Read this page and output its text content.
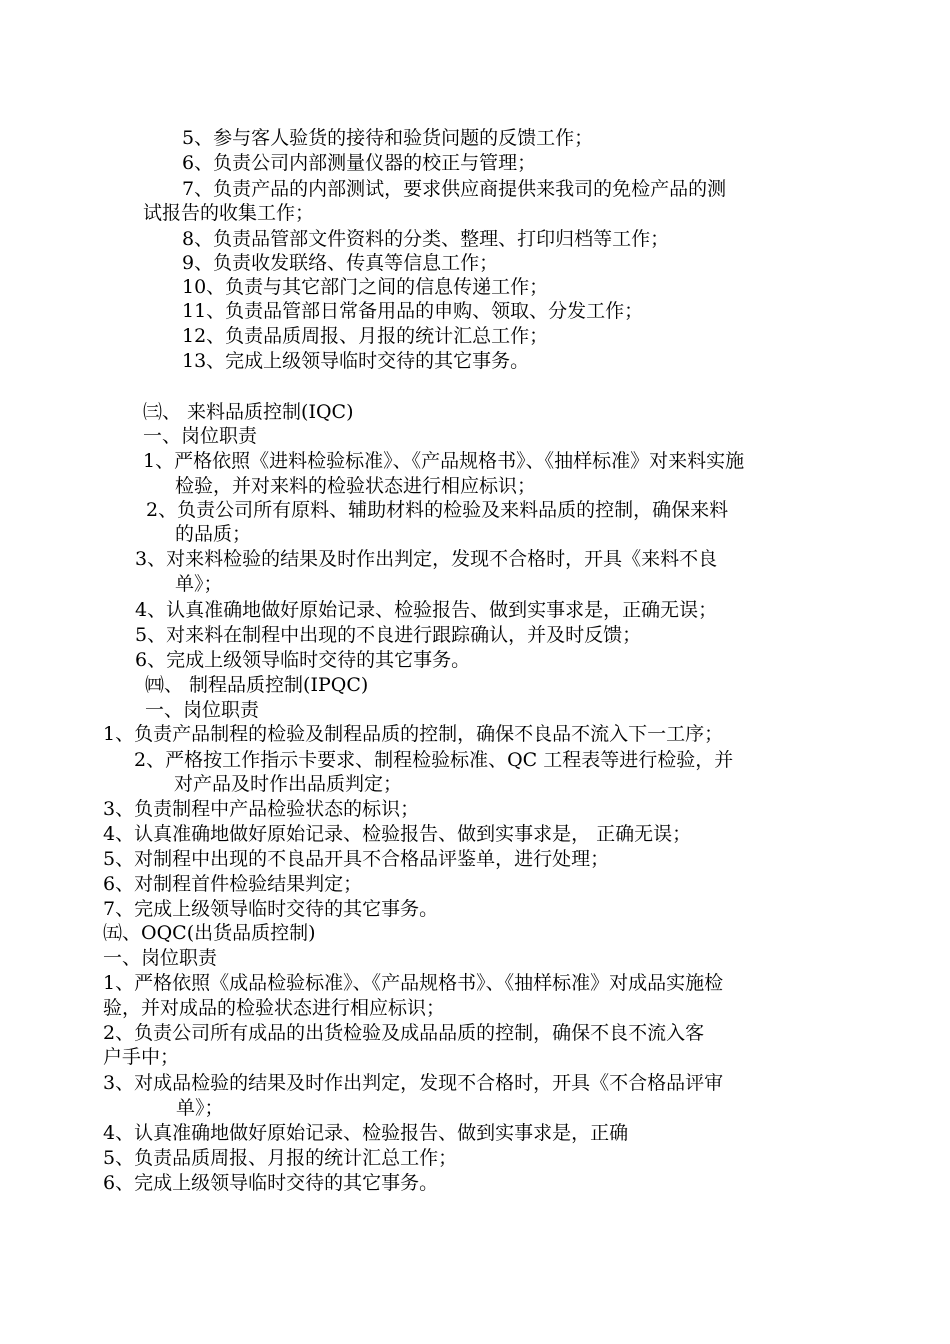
5、参与客人验货的接待和验货问题的反馈工作；
6、负责公司内部测量仪器的校正与管理；
7、负责产品的内部测试，要求供应商提供来我司的免检产品的测
试报告的收集工作；
8、负责品管部文件资料的分类、整理、打印归档等工作；
9、负责收发联络、传真等信息工作；
10、负责与其它部门之间的信息传递工作；
11、负责品管部日常备用品的申购、领取、分发工作；
12、负责品质周报、月报的统计汇总工作；
13、完成上级领导临时交待的其它事务。
㈢、 来料品质控制(IQC)
一、岗位职责
1、严格依照《进料检验标准》、《产品规格书》、《抽样标准》对来料实施
检验，并对来料的检验状态进行相应标识；
2、负责公司所有原料、辅助材料的检验及来料品质的控制，确保来料
的品质；
3、对来料检验的结果及时作出判定，发现不合格时，开具《来料不良
单》；
4、认真准确地做好原始记录、检验报告、做到实事求是，正确无误；
5、对来料在制程中出现的不良进行跟踪确认，并及时反馈；
6、完成上级领导临时交待的其它事务。
㈣、 制程品质控制(IPQC)
一、岗位职责
1、负责产品制程的检验及制程品质的控制，确保不良品不流入下一工序；
2、严格按工作指示卡要求、制程检验标准、QC 工程表等进行检验，并
对产品及时作出品质判定；
3、负责制程中产品检验状态的标识；
4、认真准确地做好原始记录、检验报告、做到实事求是， 正确无误；
5、对制程中出现的不良品开具不合格品评鉴单，进行处理；
6、对制程首件检验结果判定；
7、完成上级领导临时交待的其它事务。
㈤、OQC(出货品质控制)
一、岗位职责
1、严格依照《成品检验标准》、《产品规格书》、《抽样标准》对成品实施检
验，并对成品的检验状态进行相应标识；
2、负责公司所有成品的出货检验及成品品质的控制，确保不良不流入客
户手中；
3、对成品检验的结果及时作出判定，发现不合格时，开具《不合格品评审
单》；
4、认真准确地做好原始记录、检验报告、做到实事求是，正确
5、负责品质周报、月报的统计汇总工作；
6、完成上级领导临时交待的其它事务。
